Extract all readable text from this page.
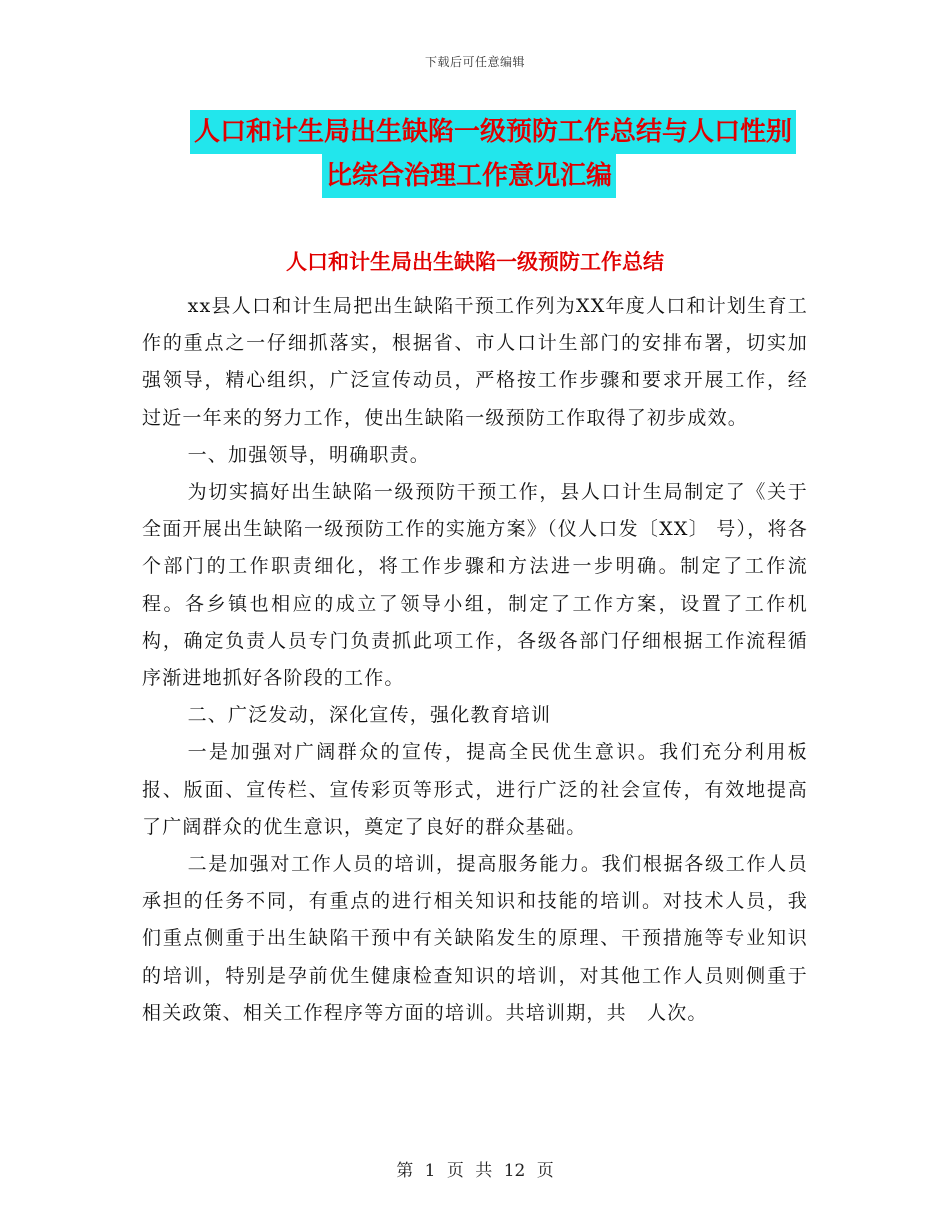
下载后可任意编辑
人口和计生局出生缺陷一级预防工作总结与人口性别
比综合治理工作意见汇编
人口和计生局出生缺陷一级预防工作总结

xx县人口和计生局把出生缺陷干预工作列为XX年度人口和计划生育工作的重点之一仔细抓落实，根据省、市人口计生部门的安排布署，切实加强领导，精心组织，广泛宣传动员，严格按工作步骤和要求开展工作，经过近一年来的努力工作，使出生缺陷一级预防工作取得了初步成效。

一、加强领导，明确职责。

为切实搞好出生缺陷一级预防干预工作，县人口计生局制定了《关于全面开展出生缺陷一级预防工作的实施方案》（仪人口发〔XX〕 号），将各个部门的工作职责细化，将工作步骤和方法进一步明确。制定了工作流程。各乡镇也相应的成立了领导小组，制定了工作方案，设置了工作机构，确定负责人员专门负责抓此项工作，各级各部门仔细根据工作流程循序渐进地抓好各阶段的工作。

二、广泛发动，深化宣传，强化教育培训

一是加强对广阔群众的宣传，提高全民优生意识。我们充分利用板报、版面、宣传栏、宣传彩页等形式，进行广泛的社会宣传，有效地提高了广阔群众的优生意识，奠定了良好的群众基础。

二是加强对工作人员的培训，提高服务能力。我们根据各级工作人员承担的任务不同，有重点的进行相关知识和技能的培训。对技术人员，我们重点侧重于出生缺陷干预中有关缺陷发生的原理、干预措施等专业知识的培训，特别是孕前优生健康检查知识的培训，对其他工作人员则侧重于相关政策、相关工作程序等方面的培训。共培训期，共　人次。

第 1 页 共 12 页
